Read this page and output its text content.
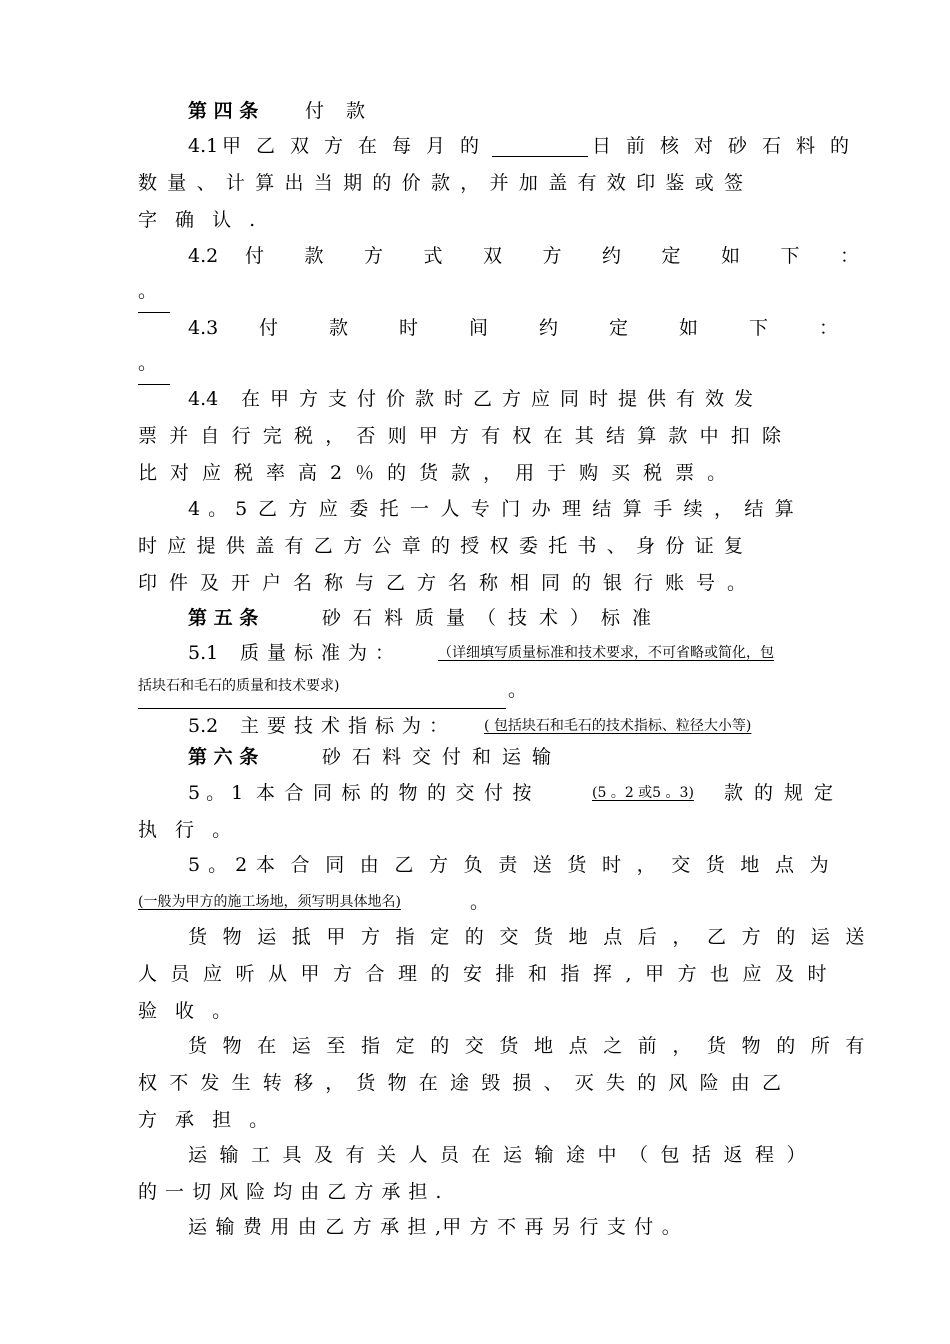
第 四 条 付 款
4.1 甲乙双方在每月的	日前核对砂石料的
数量、计算出当期的价款，并加盖有效印鉴或签
字 确 认 .
4.2 付款方式双方约定如下：
。
4.3 付款时间约定如下：
。
4.4 在甲方支付价款时乙方应同时提供有效发
票并自行完税，否则甲方有权在其结算款中扣除
比对应税率高2％的货款，用于购买税票。
4。5 乙方应委托一人专门办理结算手续，结算
时应提供盖有乙方公章的授权委托书、身份证复
印件及开户名称与乙方名称相同的银行账号。
第 五 条	砂石料质量（技术）标准
5.1 质量标准为：	（详细填写质量标准和技术要求，不可省略或简化，包
括块石和毛石的质量和技术要求)	。
5.2 主要技术指标为： ( 包括块石和毛石的技术指标、粒径大小等)
第 六 条	砂石料交付和运输
5。1 本合同标的物的交付按	(5 。2 或5 。3) 款的规定
执 行 。
5。2 本合同由乙方负责送货时，交货地点为
(一般为甲方的施工场地，须写明具体地名)	。
货物运抵甲方指定的交货地点后，乙方的运送
人员应听从甲方合理的安排和指挥,甲方也应及时
验 收 。
货物在运至指定的交货地点之前，货物的所有
权不发生转移，货物在途毁损、灭失的风险由乙
方 承 担 。
运输工具及有关人员在运输途中（包括返程）
的 一 切 风 险 均 由 乙 方 承 担 .
运 输 费 用 由 乙 方 承 担 ,甲 方 不 再 另 行 支 付 。
